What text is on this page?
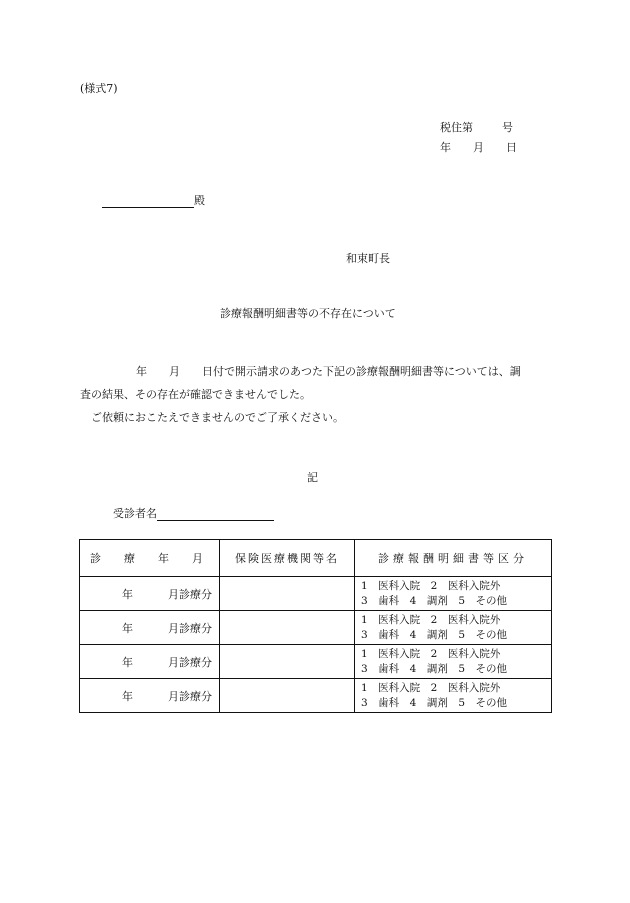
(様式7)
税住第	号
年	月	日
殿
和束町長
診療報酬明細書等の不存在について

年　　月　　日付で開示請求のあつた下記の診療報酬明細書等については、調

査の結果、その存在が確認できませんでした。

ご依頼におこたえできませんのでご了承ください。

記
受診者名
診　療　年　月	保険医療機関等名	診療報酬明細書等区分
年 月診療分		1　医科入院　2　医科入院外
3　歯科　4　調剤　5　その他

年 月診療分		1　医科入院　2　医科入院外
3　歯科　4　調剤　5　その他

年 月診療分		1　医科入院　2　医科入院外
3　歯科　4　調剤　5　その他

年 月診療分		1　医科入院　2　医科入院外
3　歯科　4　調剤　5　その他
